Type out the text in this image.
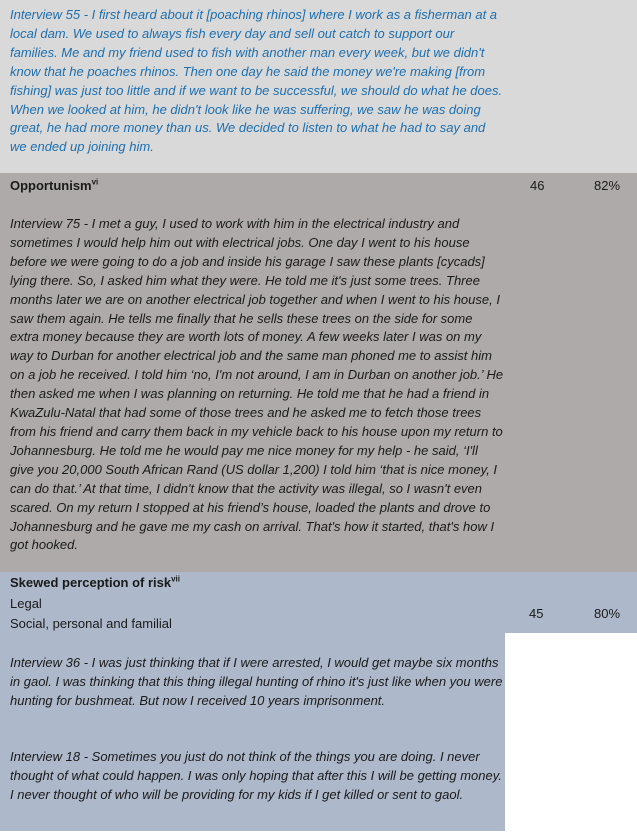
Interview 55 - I first heard about it [poaching rhinos] where I work as a fisherman at a local dam. We used to always fish every day and sell out catch to support our families. Me and my friend used to fish with another man every week, but we didn't know that he poaches rhinos. Then one day he said the money we're making [from fishing] was just too little and if we want to be successful, we should do what he does. When we looked at him, he didn't look like he was suffering, we saw he was doing great, he had more money than us. We decided to listen to what he had to say and we ended up joining him.
Opportunism$^{vi}$	46	82%
Interview 75 - I met a guy, I used to work with him in the electrical industry and sometimes I would help him out with electrical jobs. One day I went to his house before we were going to do a job and inside his garage I saw these plants [cycads] lying there. So, I asked him what they were. He told me it's just some trees. Three months later we are on another electrical job together and when I went to his house, I saw them again. He tells me finally that he sells these trees on the side for some extra money because they are worth lots of money. A few weeks later I was on my way to Durban for another electrical job and the same man phoned me to assist him on a job he received. I told him ‘no, I'm not around, I am in Durban on another job.’ He then asked me when I was planning on returning. He told me that he had a friend in KwaZulu-Natal that had some of those trees and he asked me to fetch those trees from his friend and carry them back in my vehicle back to his house upon my return to Johannesburg. He told me he would pay me nice money for my help - he said, ‘I'll give you 20,000 South African Rand (US dollar 1,200) I told him ‘that is nice money, I can do that.’ At that time, I didn't know that the activity was illegal, so I wasn't even scared. On my return I stopped at his friend’s house, loaded the plants and drove to Johannesburg and he gave me my cash on arrival. That's how it started, that's how I got hooked.
Skewed perception of risk$^{vii}$
Legal
Social, personal and familial
45	80%
Interview 36 - I was just thinking that if I were arrested, I would get maybe six months in gaol. I was thinking that this thing illegal hunting of rhino it's just like when you were hunting for bushmeat. But now I received 10 years imprisonment.
Interview 18 - Sometimes you just do not think of the things you are doing. I never thought of what could happen. I was only hoping that after this I will be getting money. I never thought of who will be providing for my kids if I get killed or sent to gaol.
